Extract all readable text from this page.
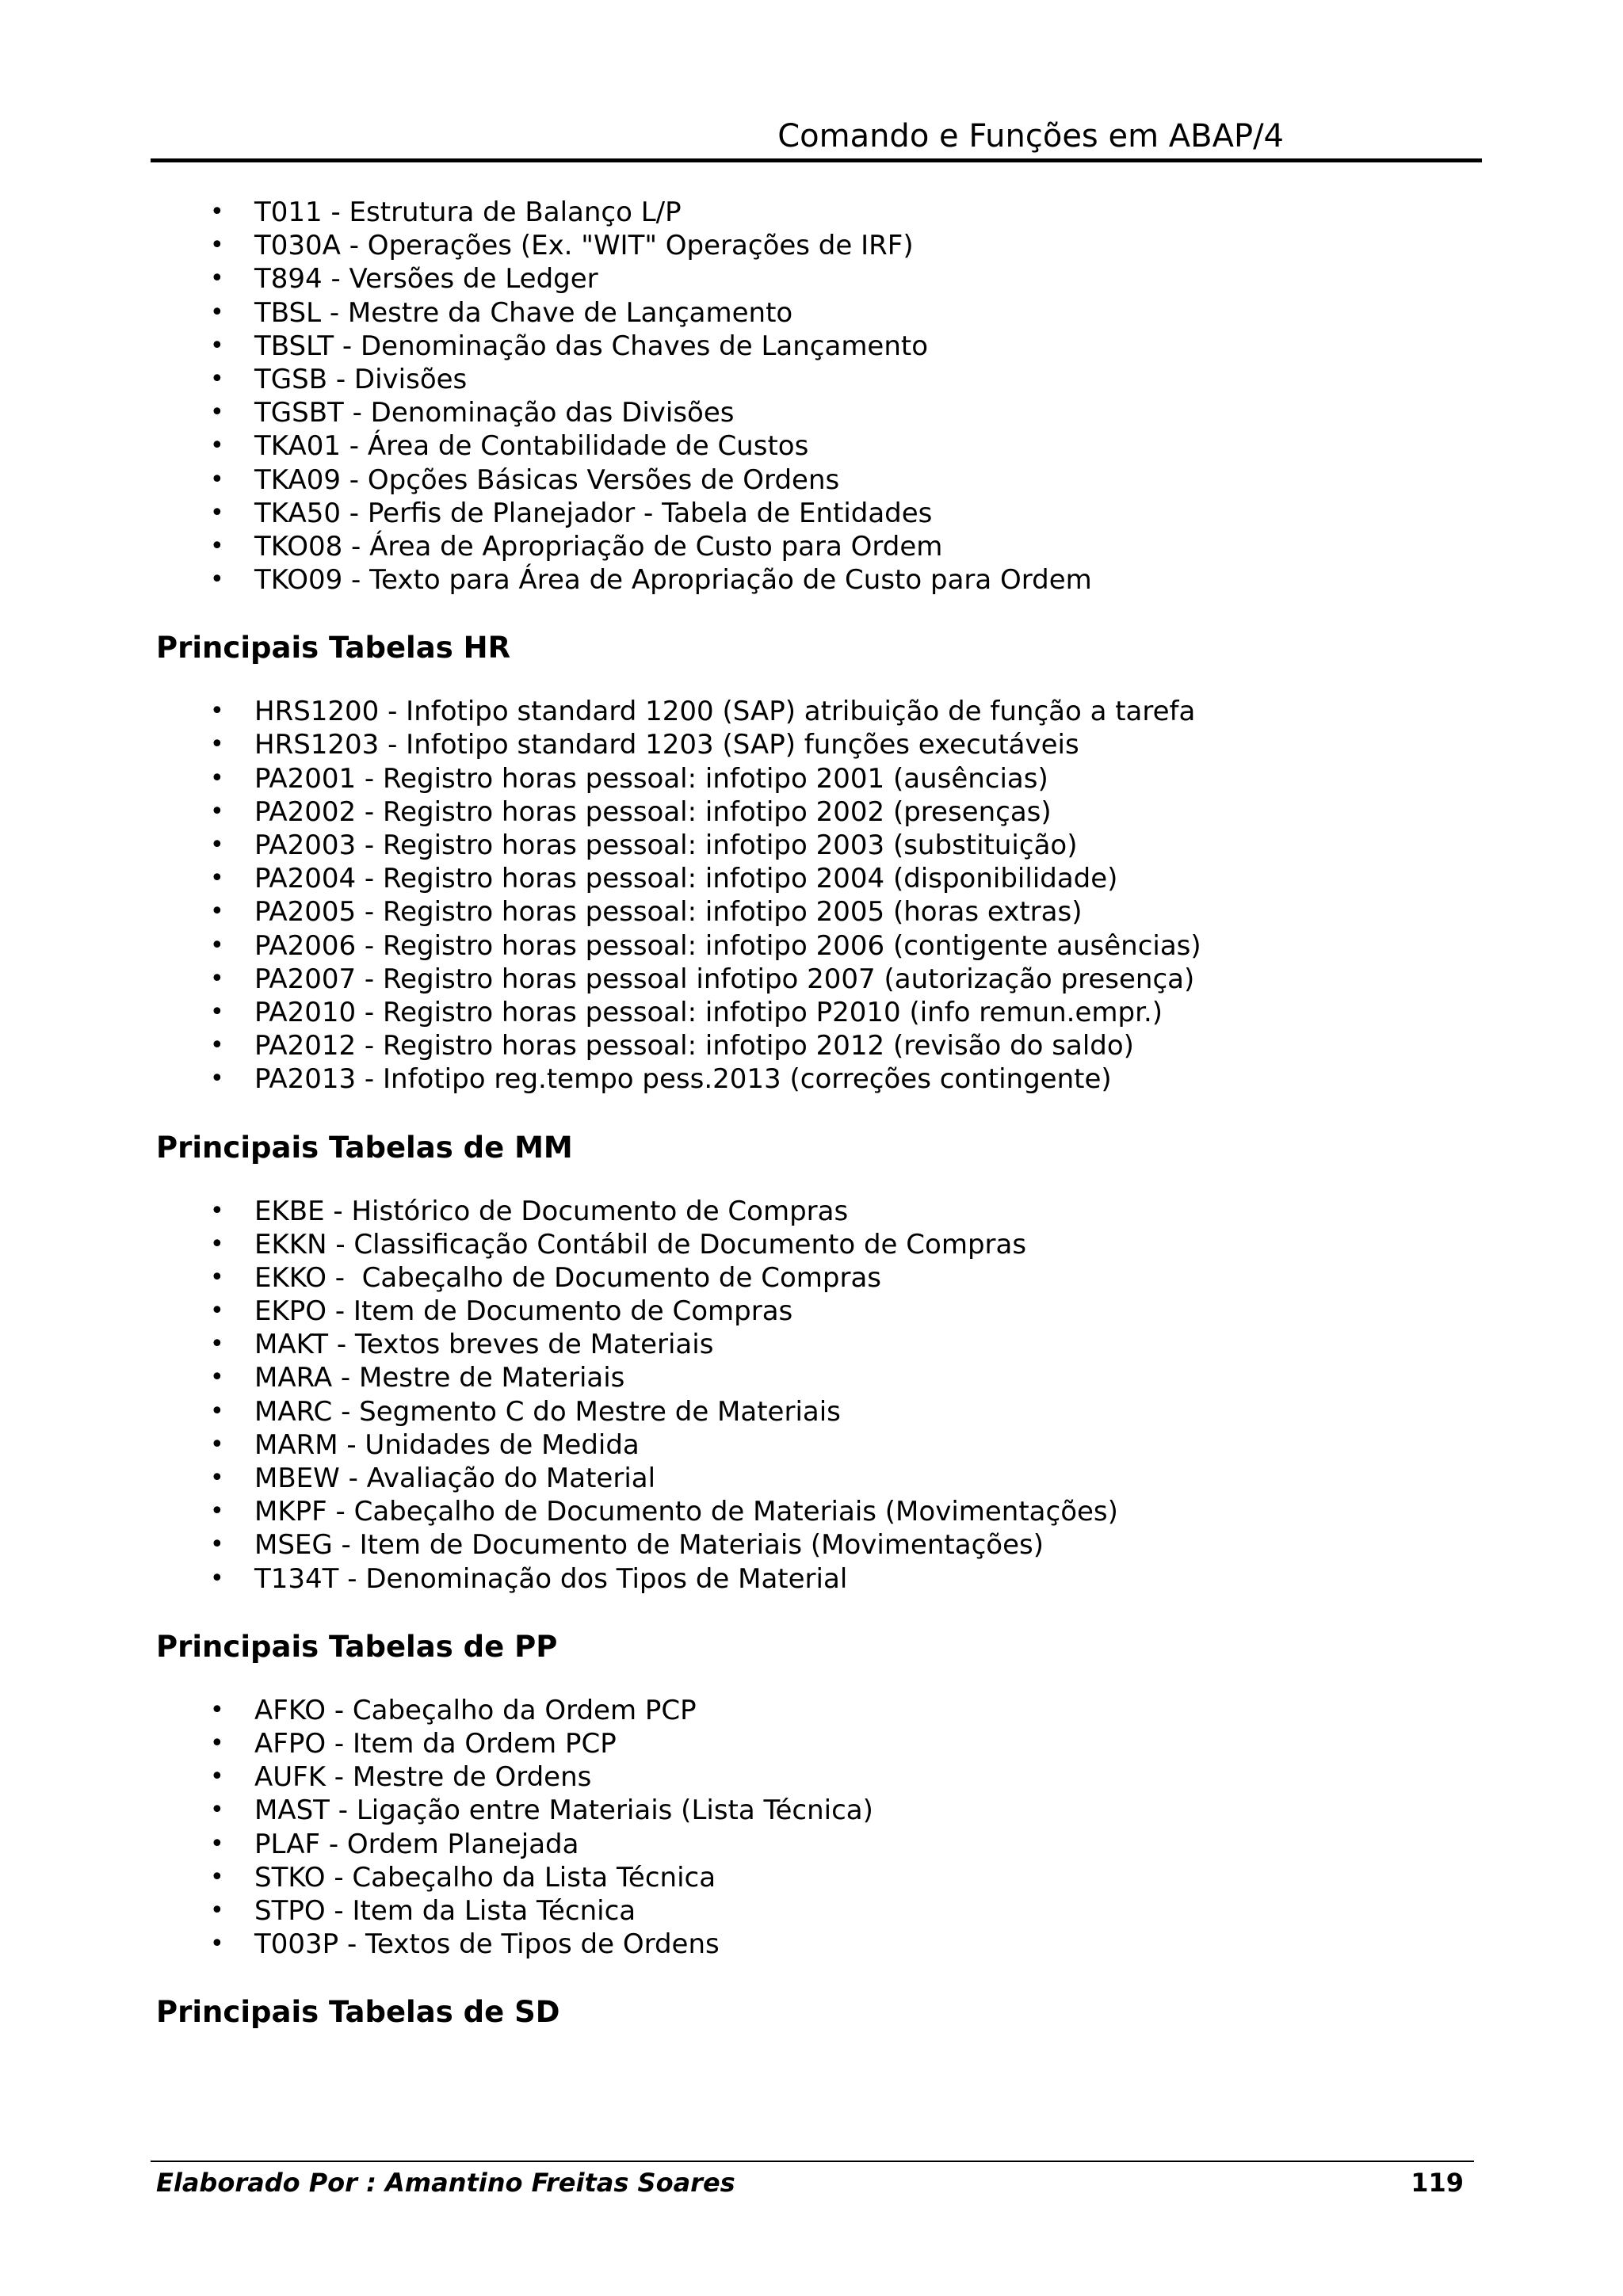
Comando e Funções em ABAP/4
• T011 - Estrutura de Balanço L/P
• T030A - Operações (Ex. "WIT" Operações de IRF)
• T894 - Versões de Ledger
• TBSL - Mestre da Chave de Lançamento
• TBSLT - Denominação das Chaves de Lançamento
• TGSB - Divisões
• TGSBT - Denominação das Divisões
• TKA01 - Área de Contabilidade de Custos
• TKA09 - Opções Básicas Versões de Ordens
• TKA50 - Perfis de Planejador - Tabela de Entidades
• TKO08 - Área de Apropriação de Custo para Ordem
• TKO09 - Texto para Área de Apropriação de Custo para Ordem
Principais Tabelas HR
• HRS1200 - Infotipo standard 1200 (SAP) atribuição de função a tarefa
• HRS1203 - Infotipo standard 1203 (SAP) funções executáveis
• PA2001 - Registro horas pessoal: infotipo 2001 (ausências)
• PA2002 - Registro horas pessoal: infotipo 2002 (presenças)
• PA2003 - Registro horas pessoal: infotipo 2003 (substituição)
• PA2004 - Registro horas pessoal: infotipo 2004 (disponibilidade)
• PA2005 - Registro horas pessoal: infotipo 2005 (horas extras)
• PA2006 - Registro horas pessoal: infotipo 2006 (contigente ausências)
• PA2007 - Registro horas pessoal infotipo 2007 (autorização presença)
• PA2010 - Registro horas pessoal: infotipo P2010 (info remun.empr.)
• PA2012 - Registro horas pessoal: infotipo 2012 (revisão do saldo)
• PA2013 - Infotipo reg.tempo pess.2013 (correções contingente)
Principais Tabelas de MM
• EKBE - Histórico de Documento de Compras
• EKKN - Classificação Contábil de Documento de Compras
• EKKO -  Cabeçalho de Documento de Compras
• EKPO - Item de Documento de Compras
• MAKT - Textos breves de Materiais
• MARA - Mestre de Materiais
• MARC - Segmento C do Mestre de Materiais
• MARM - Unidades de Medida
• MBEW - Avaliação do Material
• MKPF - Cabeçalho de Documento de Materiais (Movimentações)
• MSEG - Item de Documento de Materiais (Movimentações)
• T134T - Denominação dos Tipos de Material
Principais Tabelas de PP
• AFKO - Cabeçalho da Ordem PCP
• AFPO - Item da Ordem PCP
• AUFK - Mestre de Ordens
• MAST - Ligação entre Materiais (Lista Técnica)
• PLAF - Ordem Planejada
• STKO - Cabeçalho da Lista Técnica
• STPO - Item da Lista Técnica
• T003P - Textos de Tipos de Ordens
Principais Tabelas de SD
Elaborado Por : Amantino Freitas Soares	119
